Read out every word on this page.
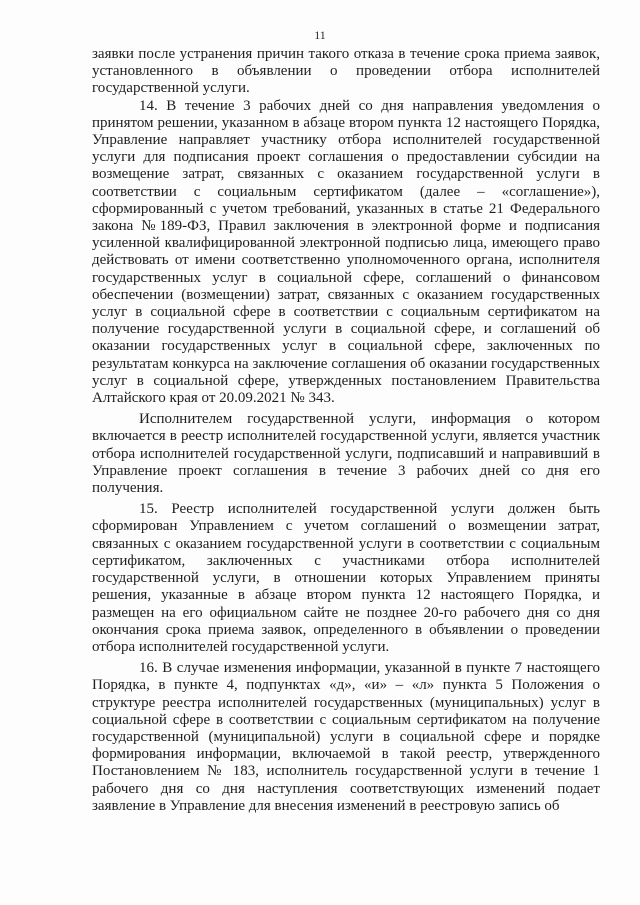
11

заявки после устранения причин такого отказа в течение срока приема заявок, установленного в объявлении о проведении отбора исполнителей государственной услуги.

14. В течение 3 рабочих дней со дня направления уведомления о принятом решении, указанном в абзаце втором пункта 12 настоящего Порядка, Управление направляет участнику отбора исполнителей государственной услуги для подписания проект соглашения о предоставлении субсидии на возмещение затрат, связанных с оказанием государственной услуги в соответствии с социальным сертификатом (далее – «соглашение»), сформированный с учетом требований, указанных в статье 21 Федерального закона №189-ФЗ, Правил заключения в электронной форме и подписания усиленной квалифицированной электронной подписью лица, имеющего право действовать от имени соответственно уполномоченного органа, исполнителя государственных услуг в социальной сфере, соглашений о финансовом обеспечении (возмещении) затрат, связанных с оказанием государственных услуг в социальной сфере в соответствии с социальным сертификатом на получение государственной услуги в социальной сфере, и соглашений об оказании государственных услуг в социальной сфере, заключенных по результатам конкурса на заключение соглашения об оказании государственных услуг в социальной сфере, утвержденных постановлением Правительства Алтайского края от 20.09.2021 № 343.

Исполнителем государственной услуги, информация о котором включается в реестр исполнителей государственной услуги, является участник отбора исполнителей государственной услуги, подписавший и направивший в Управление проект соглашения в течение 3 рабочих дней со дня его получения.

15. Реестр исполнителей государственной услуги должен быть сформирован Управлением с учетом соглашений о возмещении затрат, связанных с оказанием государственной услуги в соответствии с социальным сертификатом, заключенных с участниками отбора исполнителей государственной услуги, в отношении которых Управлением приняты решения, указанные в абзаце втором пункта 12 настоящего Порядка, и размещен на его официальном сайте не позднее 20-го рабочего дня со дня окончания срока приема заявок, определенного в объявлении о проведении отбора исполнителей государственной услуги.

16. В случае изменения информации, указанной в пункте 7 настоящего Порядка, в пункте 4, подпунктах «д», «и» – «л» пункта 5 Положения о структуре реестра исполнителей государственных (муниципальных) услуг в социальной сфере в соответствии с социальным сертификатом на получение государственной (муниципальной) услуги в социальной сфере и порядке формирования информации, включаемой в такой реестр, утвержденного Постановлением № 183, исполнитель государственной услуги в течение 1 рабочего дня со дня наступления соответствующих изменений подает заявление в Управление для внесения изменений в реестровую запись об
